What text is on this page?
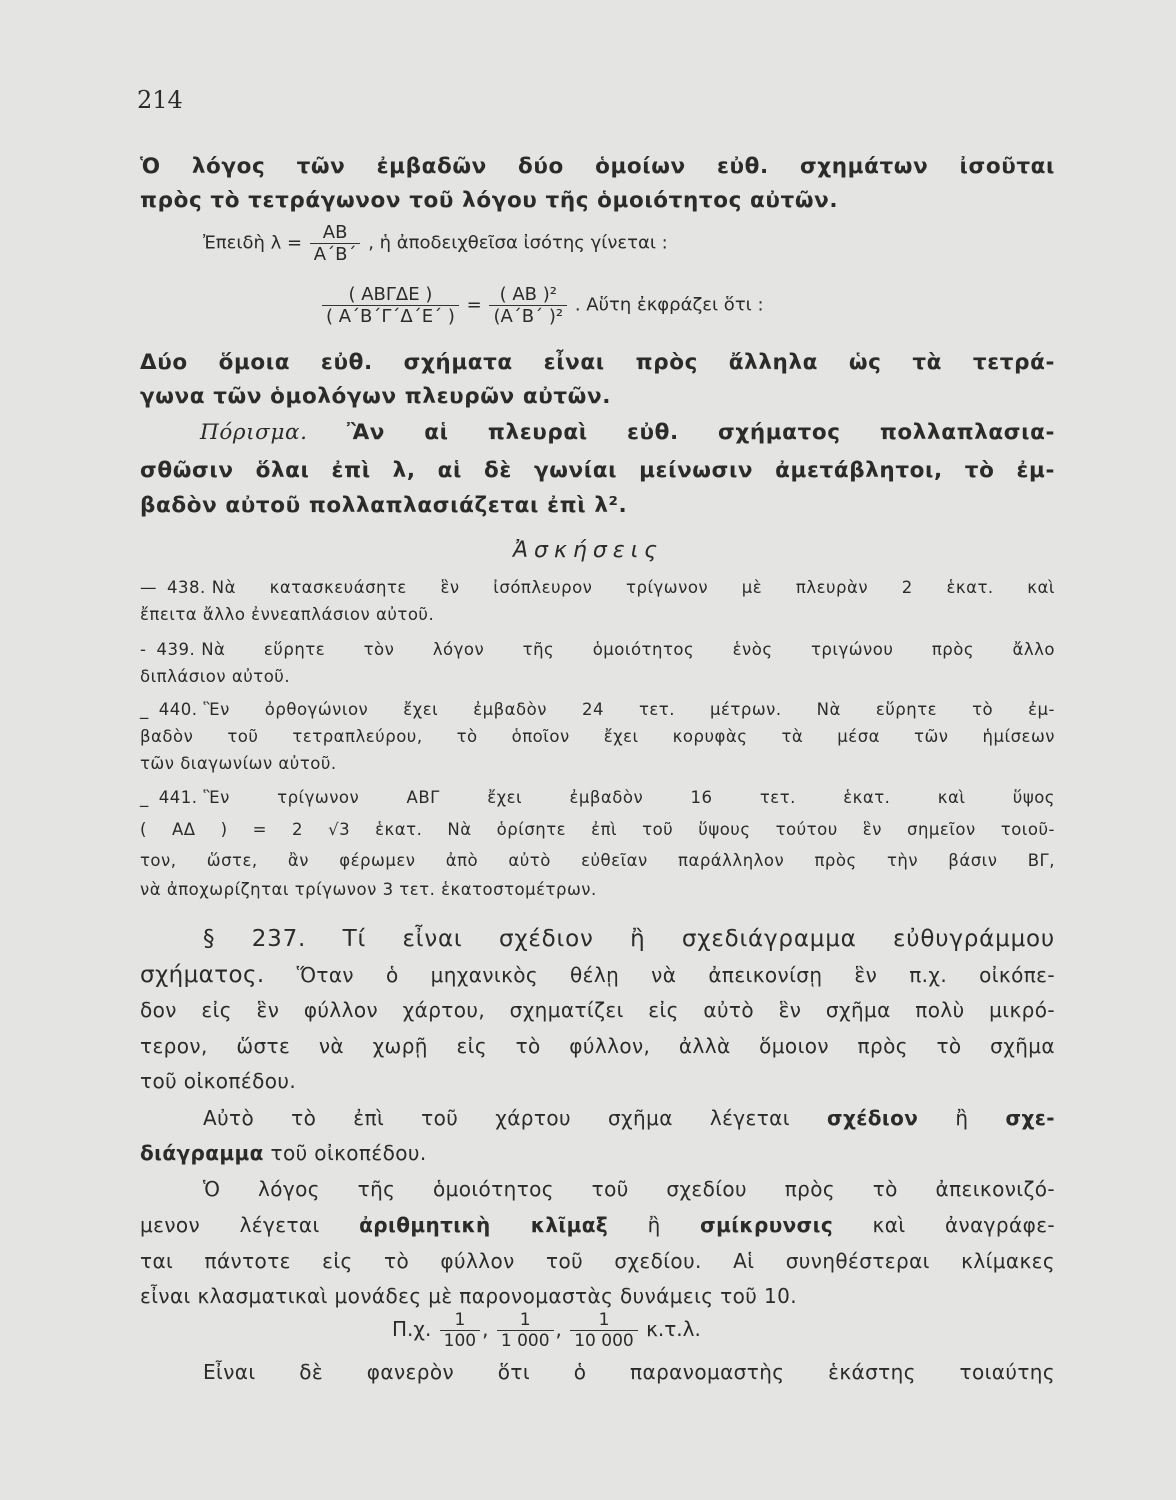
214
Ὁ λόγος τῶν ἐμβαδῶν δύο ὁμοίων εὐθ. σχημάτων ἰσοῦται
πρὸς τὸ τετράγωνον τοῦ λόγου τῆς ὁμοιότητος αὐτῶν.
Ἐπειδὴ $\lambda = \frac{AB}{A΄B΄}$ , ἡ ἀποδειχθεῖσα ἰσότης γίνεται :
$\frac{\text{( ΑΒΓΔΕ )}}{( A΄B΄\Gamma΄\Delta΄E΄ )} = \frac{\text{( ΑΒ )²}}{\text{(Α΄Β΄ )²}}$ . Αὕτη ἐκφράζει ὅτι :
Δύο ὅμοια εὐθ. σχήματα εἶναι πρὸς ἄλληλα ὡς τὰ τετρά-
γωνα τῶν ὁμολόγων πλευρῶν αὐτῶν.
Πόρισμα. Ἂν αἱ πλευραὶ εὐθ. σχήματος πολλαπλασια-
σθῶσιν ὅλαι ἐπὶ λ, αἱ δὲ γωνίαι μείνωσιν ἀμετάβλητοι, τὸ ἐμ-
βαδὸν αὐτοῦ πολλαπλασιάζεται ἐπὶ λ².
Ἀσκήσεις
— 438. Νὰ κατασκευάσητε ἓν ἰσόπλευρον τρίγωνον μὲ πλευρὰν 2 ἑκατ. καὶ
ἔπειτα ἄλλο ἐννεαπλάσιον αὐτοῦ.
- 439. Νὰ εὕρητε τὸν λόγον τῆς ὁμοιότητος ἑνὸς τριγώνου πρὸς ἄλλο
διπλάσιον αὐτοῦ.
_ 440. Ἓν ὀρθογώνιον ἔχει ἐμβαδὸν 24 τετ. μέτρων. Νὰ εὕρητε τὸ ἐμ-
βαδὸν τοῦ τετραπλεύρου, τὸ ὁποῖον ἔχει κορυφὰς τὰ μέσα τῶν ἡμίσεων
τῶν διαγωνίων αὐτοῦ.
_ 441. Ἓν τρίγωνον ΑΒΓ ἔχει ἐμβαδὸν 16 τετ. ἑκατ. καὶ ὕψος
( ΑΔ ) = 2 √3 ἑκατ. Νὰ ὁρίσητε ἐπὶ τοῦ ὕψους τούτου ἓν σημεῖον τοιοῦ-
τον, ὥστε, ἂν φέρωμεν ἀπὸ αὐτὸ εὐθεῖαν παράλληλον πρὸς τὴν βάσιν ΒΓ,
νὰ ἀποχωρίζηται τρίγωνον 3 τετ. ἑκατοστομέτρων.
§ 237. Τί εἶναι σχέδιον ἢ σχεδιάγραμμα εὐθυγράμμου
σχήματος. Ὅταν ὁ μηχανικὸς θέλῃ νὰ ἀπεικονίσῃ ἓν π.χ. οἰκόπε-
δον εἰς ἓν φύλλον χάρτου, σχηματίζει εἰς αὐτὸ ἓν σχῆμα πολὺ μικρό-
τερον, ὥστε νὰ χωρῇ εἰς τὸ φύλλον, ἀλλὰ ὅμοιον πρὸς τὸ σχῆμα
τοῦ οἰκοπέδου.
Αὐτὸ τὸ ἐπὶ τοῦ χάρτου σχῆμα λέγεται σχέδιον ἢ σχε-
διάγραμμα τοῦ οἰκοπέδου.
Ὁ λόγος τῆς ὁμοιότητος τοῦ σχεδίου πρὸς τὸ ἀπεικονιζό-
μενον λέγεται ἀριθμητικὴ κλῖμαξ ἢ σμίκρυνσις καὶ ἀναγράφε-
ται πάντοτε εἰς τὸ φύλλον τοῦ σχεδίου. Αἱ συνηθέστεραι κλίμακες
εἶναι κλασματικαὶ μονάδες μὲ παρονομαστὰς δυνάμεις τοῦ 10.
Π.χ. $\frac{1}{100}$ , $\frac{1}{1 000}$ , $\frac{1}{10 000} \kappa.\tau.\lambda$.
Εἶναι δὲ φανερὸν ὅτι ὁ παρανομαστὴς ἑκάστης τοιαύτης
